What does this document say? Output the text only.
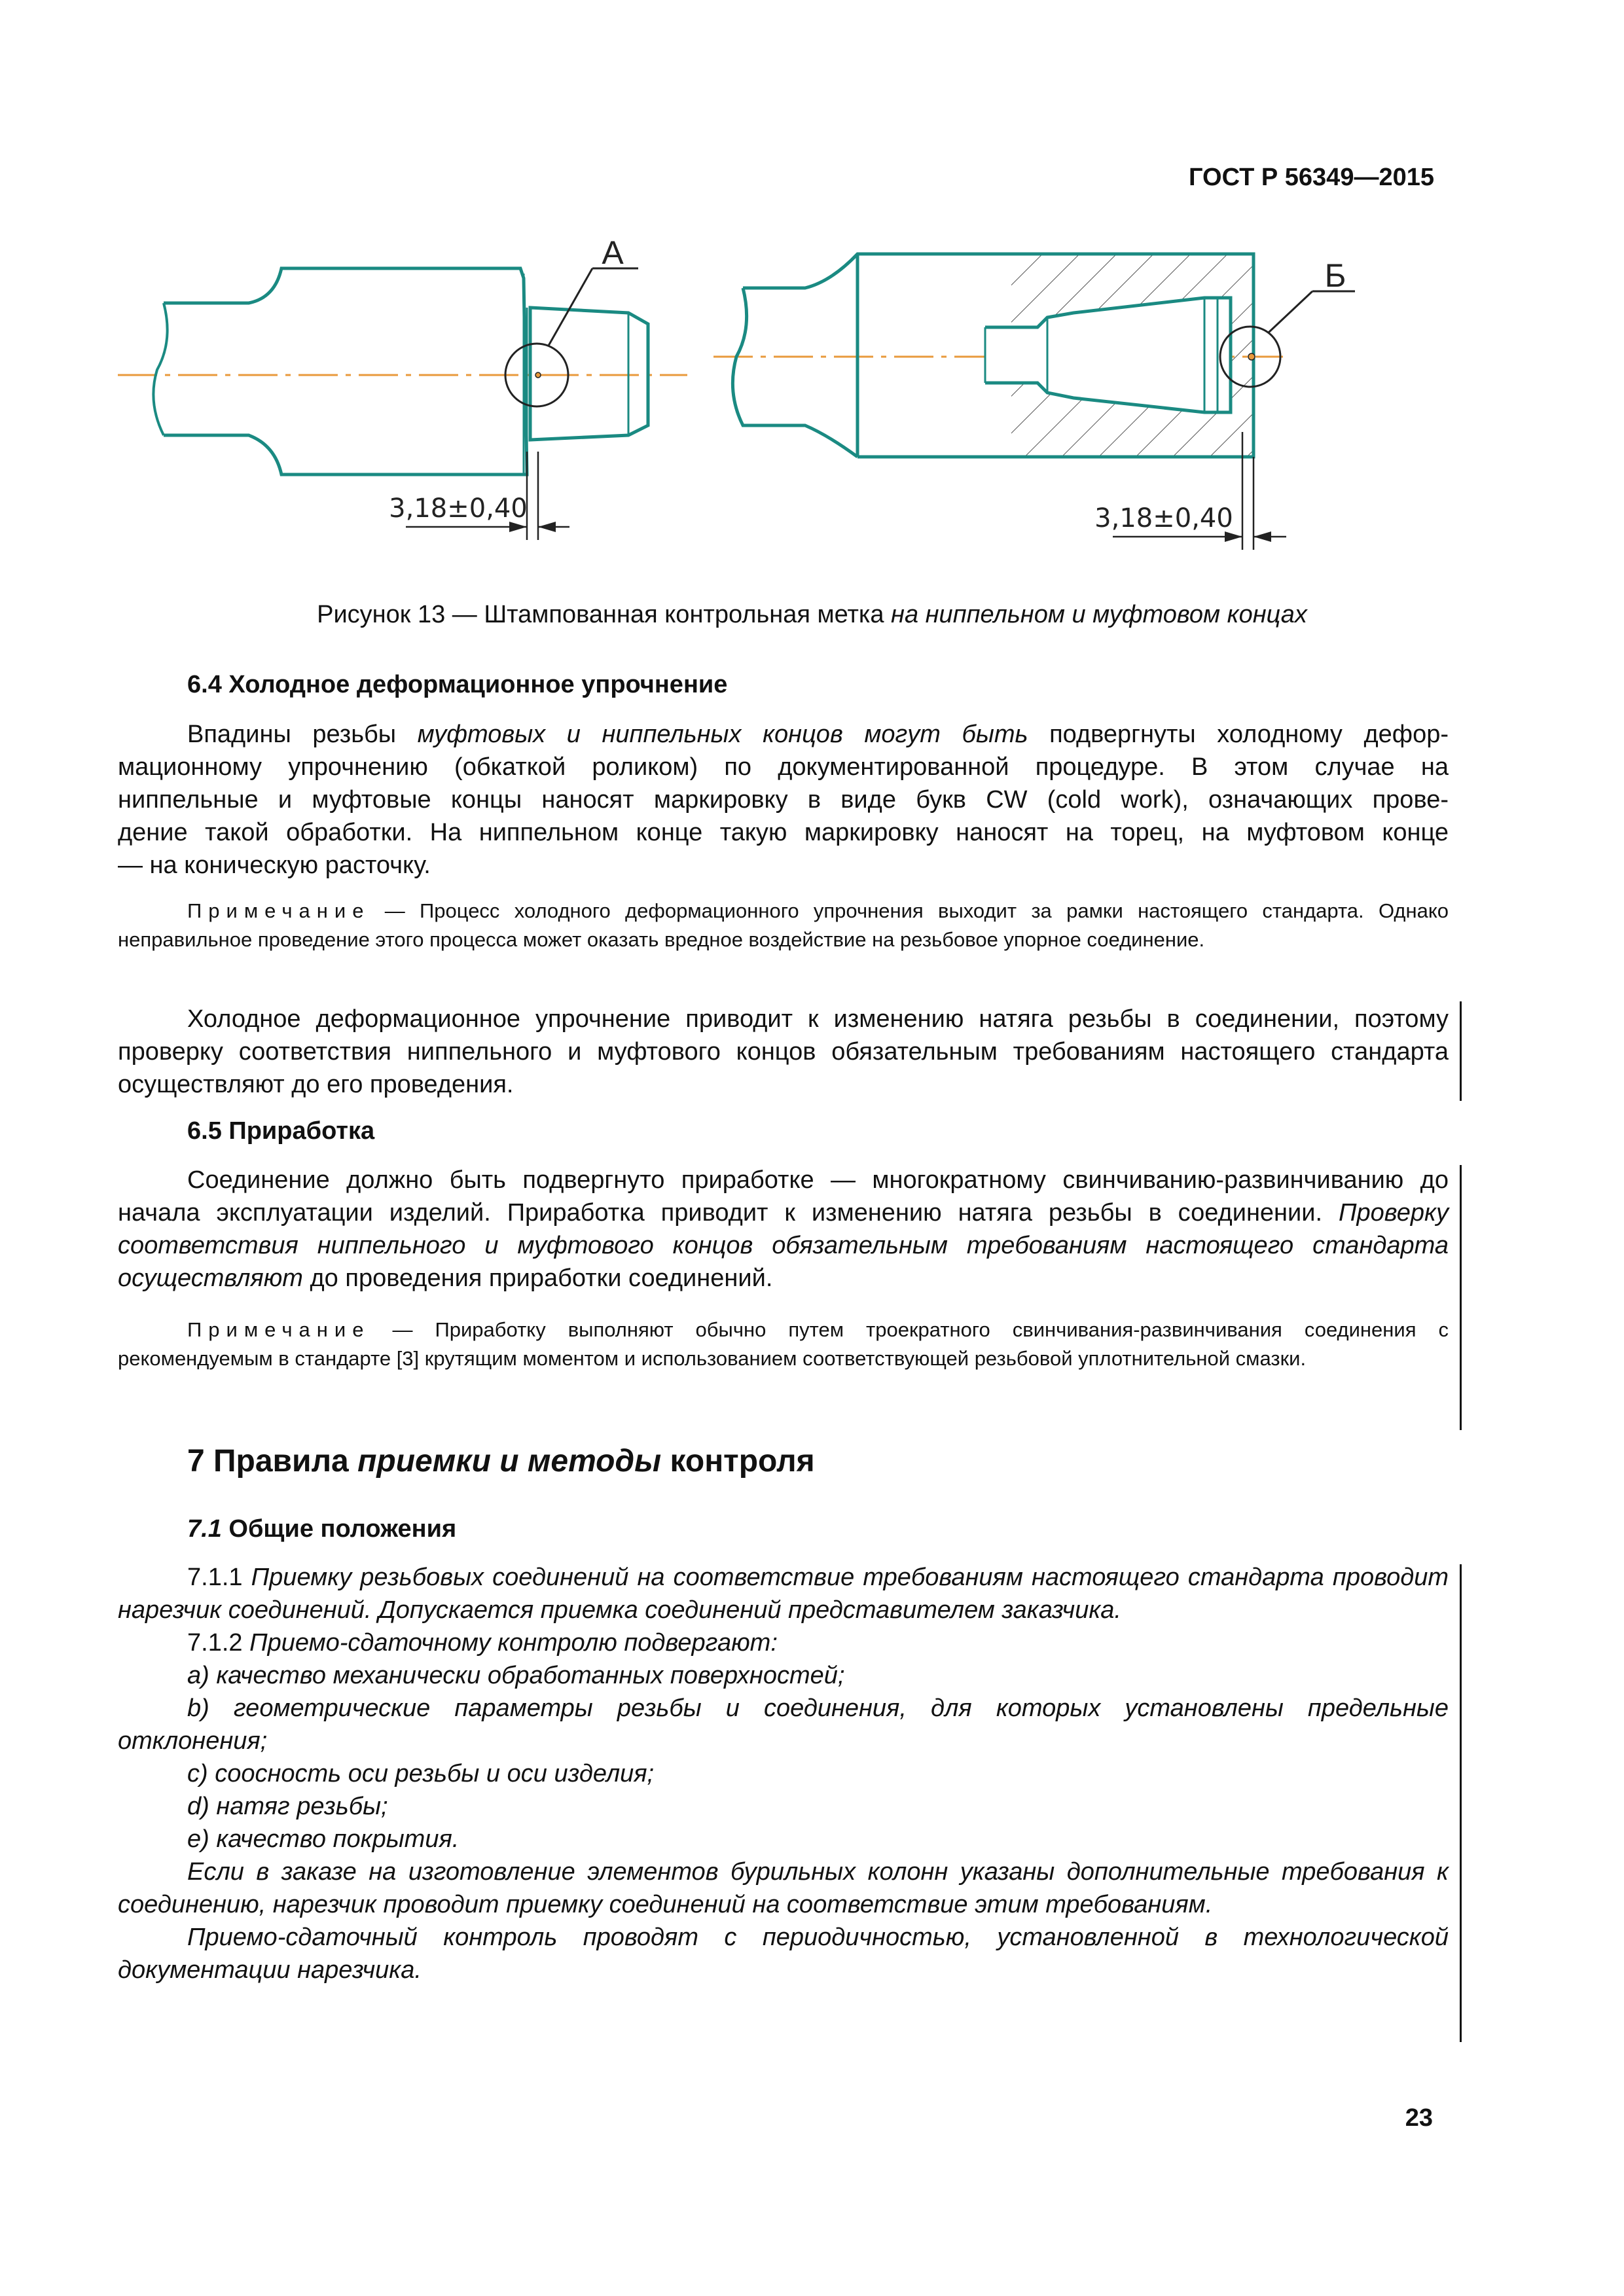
ГОСТ Р 56349—2015
А
3,18±0,40
Б
3,18±0,40
Рисунок 13 — Штампованная контрольная метка на ниппельном и муфтовом концах
6.4 Холодное деформационное упрочнение
Впадины резьбы муфтовых и ниппельных концов могут быть подвергнуты холодному дефор-
мационному упрочнению (обкаткой роликом) по документированной процедуре. В этом случае на
ниппельные и муфтовые концы наносят маркировку в виде букв CW (cold work), означающих прове-
дение такой обработки. На ниппельном конце такую маркировку наносят на торец, на муфтовом конце
— на коническую расточку.
Примечание — Процесс холодного деформационного упрочнения выходит за рамки настоящего стандарта. Однако неправильное проведение этого процесса может оказать вредное воздействие на резьбовое упорное соединение.
Холодное деформационное упрочнение приводит к изменению натяга резьбы в соединении, поэтому проверку соответствия ниппельного и муфтового концов обязательным требованиям настоящего стандарта осуществляют до его проведения.
6.5 Приработка
Соединение должно быть подвергнуто приработке — многократному свинчиванию-развинчиванию до начала эксплуатации изделий. Приработка приводит к изменению натяга резьбы в соединении. Проверку соответствия ниппельного и муфтового концов обязательным требованиям настоящего стандарта осуществляют до проведения приработки соединений.
Примечание — Приработку выполняют обычно путем троекратного свинчивания-развинчивания соединения с рекомендуемым в стандарте [3] крутящим моментом и использованием соответствующей резьбовой уплотнительной смазки.
7 Правила приемки и методы контроля
7.1 Общие положения
7.1.1 Приемку резьбовых соединений на соответствие требованиям настоящего стандарта проводит нарезчик соединений. Допускается приемка соединений представителем заказчика.
7.1.2 Приемо-сдаточному контролю подвергают:
а) качество механически обработанных поверхностей;
b) геометрические параметры резьбы и соединения, для которых установлены предельные отклонения;
c) соосность оси резьбы и оси изделия;
d) натяг резьбы;
e) качество покрытия.
Если в заказе на изготовление элементов бурильных колонн указаны дополнительные требования к соединению, нарезчик проводит приемку соединений на соответствие этим требованиям.
Приемо-сдаточный контроль проводят с периодичностью, установленной в технологической документации нарезчика.
23
